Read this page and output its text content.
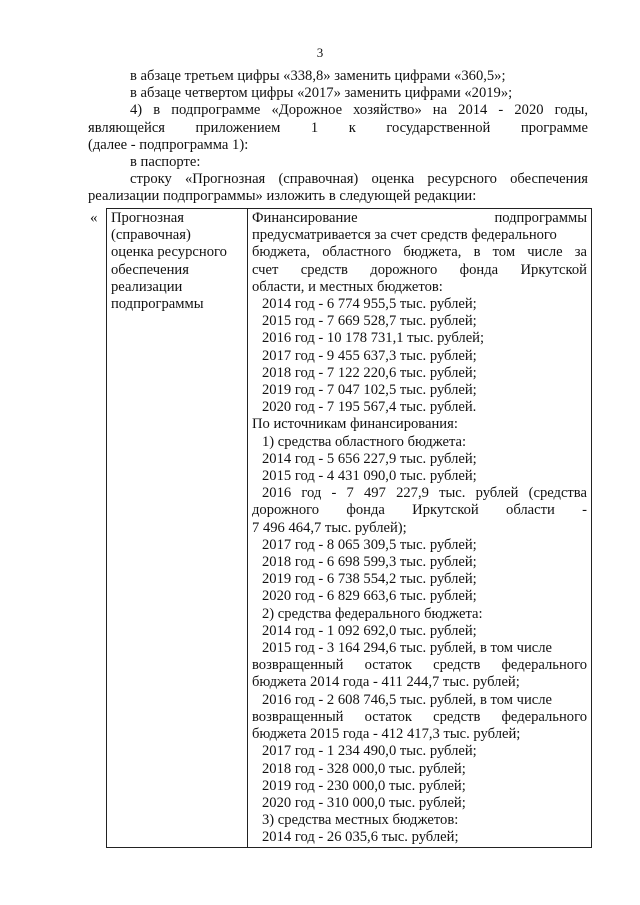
3

в абзаце третьем цифры «338,8» заменить цифрами «360,5»;

в абзаце четвертом цифры «2017» заменить цифрами «2019»;

4) в подпрограмме «Дорожное хозяйство» на 2014 - 2020 годы,

являющейся приложением 1 к государственной программе

(далее - подпрограмма 1):

в паспорте:

строку «Прогнозная (справочная) оценка ресурсного обеспечения

реализации подпрограммы» изложить в следующей редакции:

« Прогнозная
(справочная)
оценка ресурсного
обеспечения
реализации
подпрограммы

Финансирование подпрограммы
предусматривается за счет средств федерального
бюджета, областного бюджета, в том числе за
счет средств дорожного фонда Иркутской
области, и местных бюджетов:
2014 год - 6 774 955,5 тыс. рублей;
2015 год - 7 669 528,7 тыс. рублей;
2016 год - 10 178 731,1 тыс. рублей;
2017 год - 9 455 637,3 тыс. рублей;
2018 год - 7 122 220,6 тыс. рублей;
2019 год - 7 047 102,5 тыс. рублей;
2020 год - 7 195 567,4 тыс. рублей.
По источникам финансирования:
1) средства областного бюджета:
2014 год - 5 656 227,9 тыс. рублей;
2015 год - 4 431 090,0 тыс. рублей;
2016 год - 7 497 227,9 тыс. рублей (средства
дорожного фонда Иркутской области -
7 496 464,7 тыс. рублей);
2017 год - 8 065 309,5 тыс. рублей;
2018 год - 6 698 599,3 тыс. рублей;
2019 год - 6 738 554,2 тыс. рублей;
2020 год - 6 829 663,6 тыс. рублей;
2) средства федерального бюджета:
2014 год - 1 092 692,0 тыс. рублей;
2015 год - 3 164 294,6 тыс. рублей, в том числе
возвращенный остаток средств федерального
бюджета 2014 года - 411 244,7 тыс. рублей;
2016 год - 2 608 746,5 тыс. рублей, в том числе
возвращенный остаток средств федерального
бюджета 2015 года - 412 417,3 тыс. рублей;
2017 год - 1 234 490,0 тыс. рублей;
2018 год - 328 000,0 тыс. рублей;
2019 год - 230 000,0 тыс. рублей;
2020 год - 310 000,0 тыс. рублей;
3) средства местных бюджетов:
2014 год - 26 035,6 тыс. рублей;
